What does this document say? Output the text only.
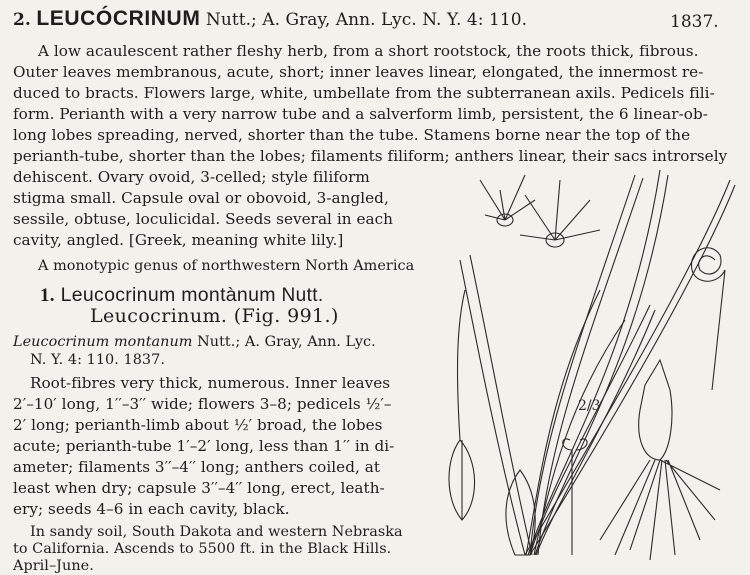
2. LEUCÓCRINUM Nutt.; A. Gray, Ann. Lyc. N. Y. 4: 110.	1837.
A low acaulescent rather fleshy herb, from a short rootstock, the roots thick, fibrous.
Outer leaves membranous, acute, short; inner leaves linear, elongated, the innermost re-
duced to bracts. Flowers large, white, umbellate from the subterranean axils. Pedicels fili-
form. Perianth with a very narrow tube and a salverform limb, persistent, the 6 linear-ob-
long lobes spreading, nerved, shorter than the tube. Stamens borne near the top of the
perianth-tube, shorter than the lobes; filaments filiform; anthers linear, their sacs introrsely
dehiscent. Ovary ovoid, 3-celled; style filiform
stigma small. Capsule oval or obovoid, 3-angled,
sessile, obtuse, loculicidal. Seeds several in each
cavity, angled. [Greek, meaning white lily.]
A monotypic genus of northwestern North America
1. Leucocrinum montànum Nutt.
Leucocrinum. (Fig. 991.)
Leucocrinum montanum Nutt.; A. Gray, Ann. Lyc.
N. Y. 4: 110. 1837.
Root-fibres very thick, numerous. Inner leaves
2′–10′ long, 1′′–3′′ wide; flowers 3–8; pedicels ½′–
2′ long; perianth-limb about ½′ broad, the lobes
acute; perianth-tube 1′–2′ long, less than 1′′ in di-
ameter; filaments 3′′–4′′ long; anthers coiled, at
least when dry; capsule 3′′–4′′ long, erect, leath-
ery; seeds 4–6 in each cavity, black.
In sandy soil, South Dakota and western Nebraska
to California. Ascends to 5500 ft. in the Black Hills.
April–June.
2/3
